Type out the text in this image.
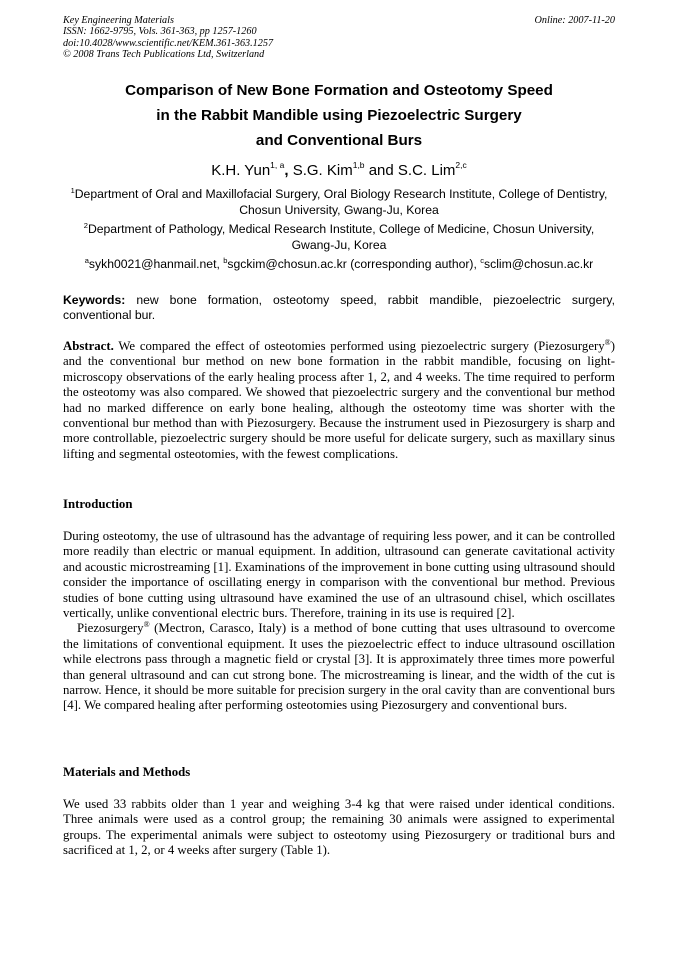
Key Engineering Materials
ISSN: 1662-9795, Vols. 361-363, pp 1257-1260
doi:10.4028/www.scientific.net/KEM.361-363.1257
© 2008 Trans Tech Publications Ltd, Switzerland
Online: 2007-11-20
Comparison of New Bone Formation and Osteotomy Speed
in the Rabbit Mandible using Piezoelectric Surgery
and Conventional Burs
K.H. Yun$^{1, a}$, S.G. Kim$^{1,b}$ and S.C. Lim$^{2,c}$
$^1$Department of Oral and Maxillofacial Surgery, Oral Biology Research Institute, College of Dentistry, Chosun University, Gwang-Ju, Korea
$^2$Department of Pathology, Medical Research Institute, College of Medicine, Chosun University, Gwang-Ju, Korea
$^a$sykh0021@hanmail.net, $^b$sgckim@chosun.ac.kr (corresponding author), $^c$sclim@chosun.ac.kr
Keywords: new bone formation, osteotomy speed, rabbit mandible, piezoelectric surgery, conventional bur.
Abstract. We compared the effect of osteotomies performed using piezoelectric surgery (Piezosurgery®) and the conventional bur method on new bone formation in the rabbit mandible, focusing on light-microscopy observations of the early healing process after 1, 2, and 4 weeks. The time required to perform the osteotomy was also compared. We showed that piezoelectric surgery and the conventional bur method had no marked difference on early bone healing, although the osteotomy time was shorter with the conventional bur method than with Piezosurgery. Because the instrument used in Piezosurgery is sharp and more controllable, piezoelectric surgery should be more useful for delicate surgery, such as maxillary sinus lifting and segmental osteotomies, with the fewest complications.
Introduction

During osteotomy, the use of ultrasound has the advantage of requiring less power, and it can be controlled more readily than electric or manual equipment. In addition, ultrasound can generate cavitational activity and acoustic microstreaming [1]. Examinations of the improvement in bone cutting using ultrasound should consider the importance of oscillating energy in comparison with the conventional bur method. Previous studies of bone cutting using ultrasound have examined the use of an ultrasound chisel, which oscillates vertically, unlike conventional electric burs. Therefore, training in its use is required [2].

Piezosurgery® (Mectron, Carasco, Italy) is a method of bone cutting that uses ultrasound to overcome the limitations of conventional equipment. It uses the piezoelectric effect to induce ultrasound oscillation while electrons pass through a magnetic field or crystal [3]. It is approximately three times more powerful than general ultrasound and can cut strong bone. The microstreaming is linear, and the width of the cut is narrow. Hence, it should be more suitable for precision surgery in the oral cavity than are conventional burs [4]. We compared healing after performing osteotomies using Piezosurgery and conventional burs.

Materials and Methods

We used 33 rabbits older than 1 year and weighing 3-4 kg that were raised under identical conditions. Three animals were used as a control group; the remaining 30 animals were assigned to experimental groups. The experimental animals were subject to osteotomy using Piezosurgery or traditional burs and sacrificed at 1, 2, or 4 weeks after surgery (Table 1).
